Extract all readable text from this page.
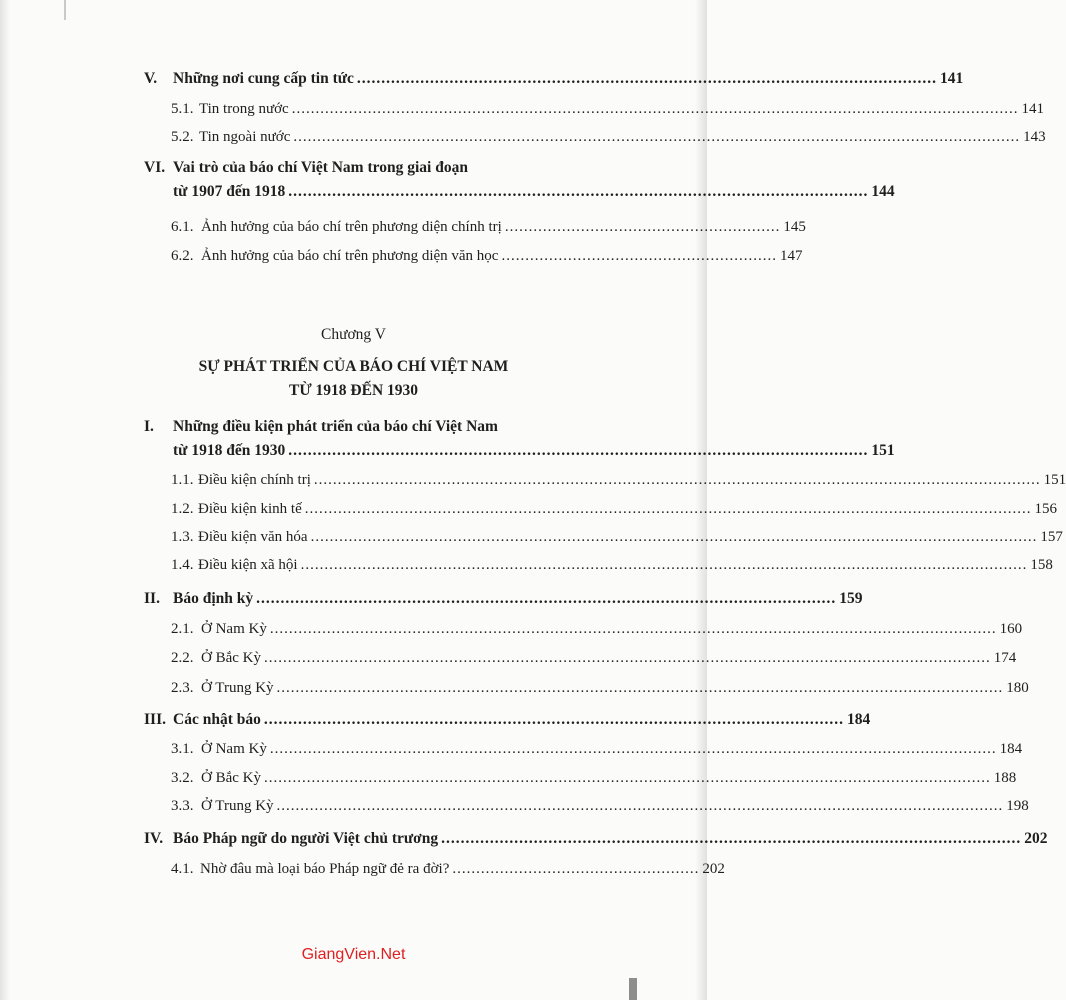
V. Những nơi cung cấp tin tức ....................................................................................................................... 141
5.1. Tin trong nước ......................................................................................................................................................... 141
5.2. Tin ngoài nước ......................................................................................................................................................... 143
VI. Vai trò của báo chí Việt Nam trong giai đoạn
từ 1907 đến 1918 ....................................................................................................................... 144
6.1. Ảnh hưởng của báo chí trên phương diện chính trị .......................................................... 145
6.2. Ảnh hưởng của báo chí trên phương diện văn học .......................................................... 147
Chương V
SỰ PHÁT TRIỂN CỦA BÁO CHÍ VIỆT NAM
TỪ 1918 ĐẾN 1930
I. Những điều kiện phát triển của báo chí Việt Nam
từ 1918 đến 1930 ....................................................................................................................... 151
1.1. Điều kiện chính trị ......................................................................................................................................................... 151
1.2. Điều kiện kinh tế ......................................................................................................................................................... 156
1.3. Điều kiện văn hóa ......................................................................................................................................................... 157
1.4. Điều kiện xã hội ......................................................................................................................................................... 158
II. Báo định kỳ ....................................................................................................................... 159
2.1. Ở Nam Kỳ ......................................................................................................................................................... 160
2.2. Ở Bắc Kỳ ......................................................................................................................................................... 174
2.3. Ở Trung Kỳ ......................................................................................................................................................... 180
III. Các nhật báo ....................................................................................................................... 184
3.1. Ở Nam Kỳ ......................................................................................................................................................... 184
3.2. Ở Bắc Kỳ ......................................................................................................................................................... 188
3.3. Ở Trung Kỳ ......................................................................................................................................................... 198
IV. Báo Pháp ngữ do người Việt chủ trương ....................................................................................................................... 202
4.1. Nhờ đâu mà loại báo Pháp ngữ đẻ ra đời? .................................................... 202
GiangVien.Net
